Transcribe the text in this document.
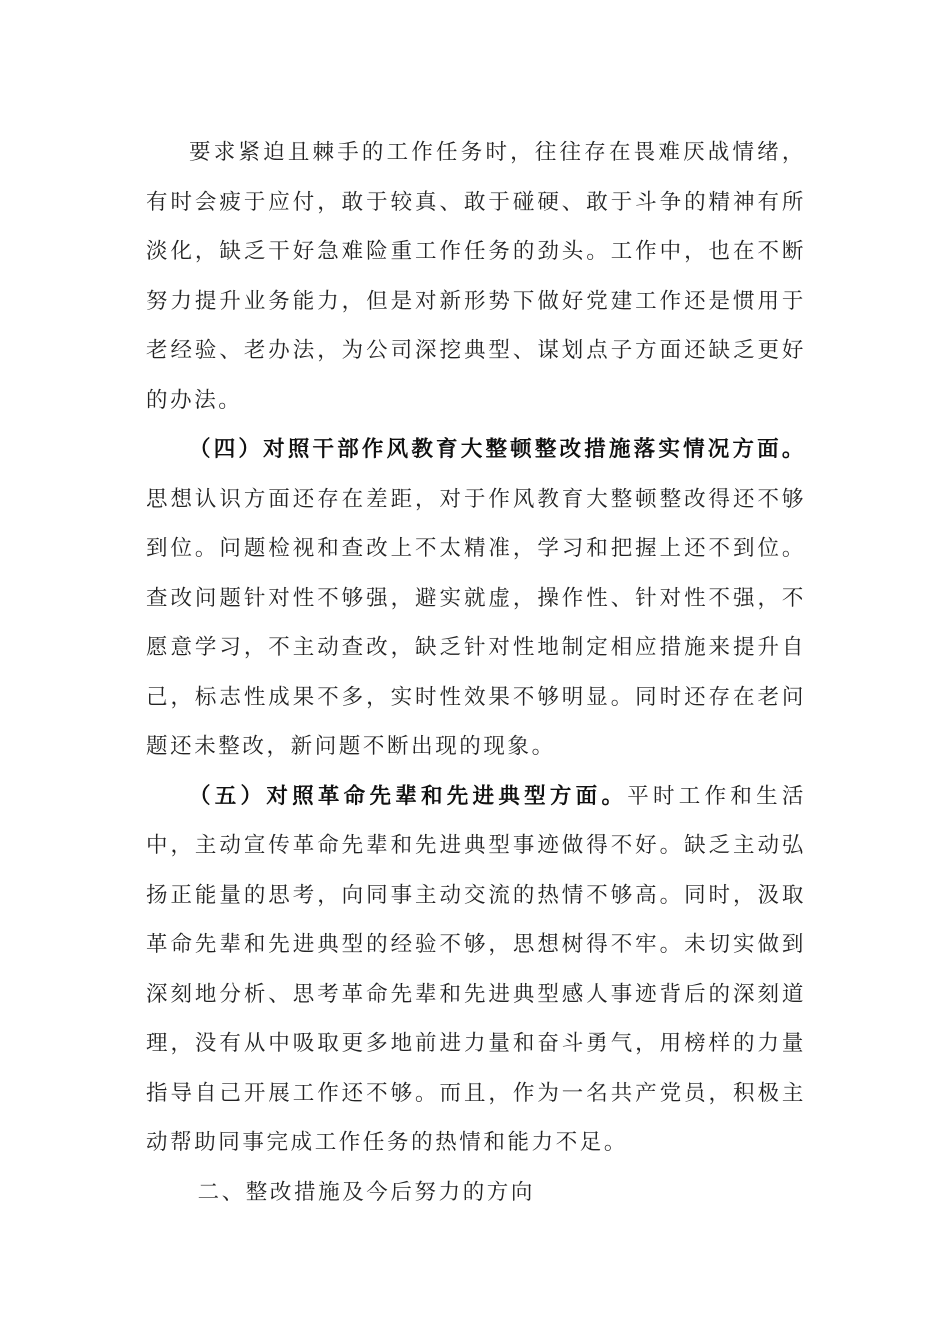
要求紧迫且棘手的工作任务时，往往存在畏难厌战情绪，有时会疲于应付，敢于较真、敢于碰硬、敢于斗争的精神有所淡化，缺乏干好急难险重工作任务的劲头。工作中，也在不断努力提升业务能力，但是对新形势下做好党建工作还是惯用于老经验、老办法，为公司深挖典型、谋划点子方面还缺乏更好的办法。

（四）对照干部作风教育大整顿整改措施落实情况方面。思想认识方面还存在差距，对于作风教育大整顿整改得还不够到位。问题检视和查改上不太精准，学习和把握上还不到位。查改问题针对性不够强，避实就虚，操作性、针对性不强，不愿意学习，不主动查改，缺乏针对性地制定相应措施来提升自己，标志性成果不多，实时性效果不够明显。同时还存在老问题还未整改，新问题不断出现的现象。

（五）对照革命先辈和先进典型方面。平时工作和生活中，主动宣传革命先辈和先进典型事迹做得不好。缺乏主动弘扬正能量的思考，向同事主动交流的热情不够高。同时，汲取革命先辈和先进典型的经验不够，思想树得不牢。未切实做到深刻地分析、思考革命先辈和先进典型感人事迹背后的深刻道理，没有从中吸取更多地前进力量和奋斗勇气，用榜样的力量指导自己开展工作还不够。而且，作为一名共产党员，积极主动帮助同事完成工作任务的热情和能力不足。

二、整改措施及今后努力的方向
